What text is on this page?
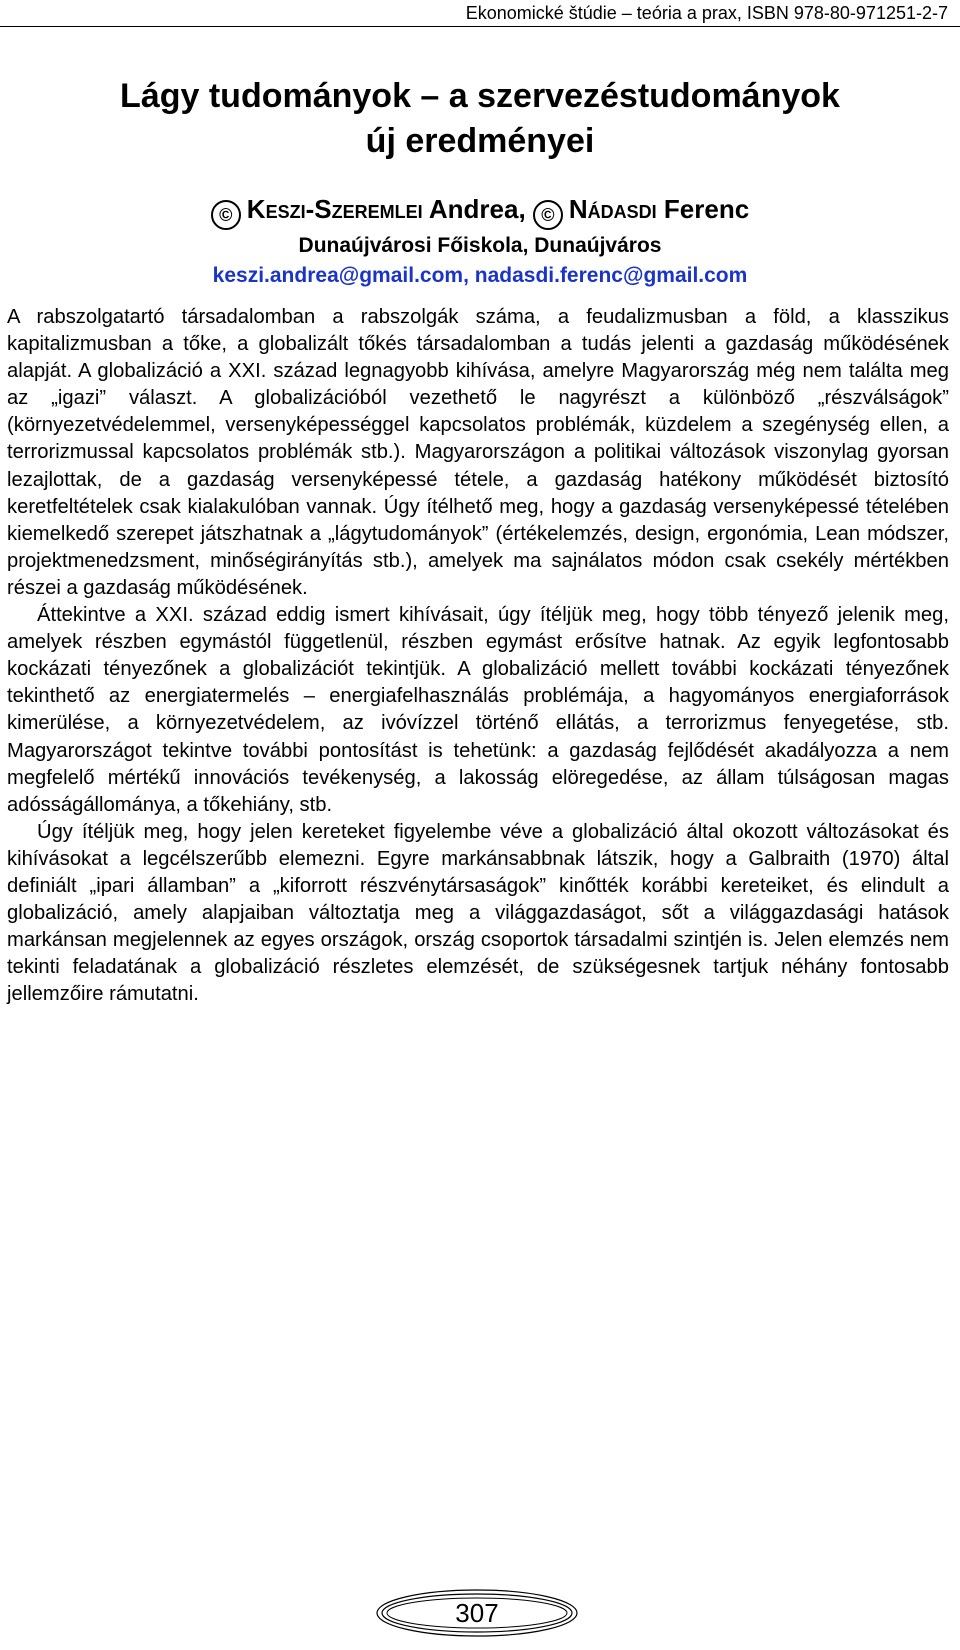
Ekonomické štúdie – teória a prax, ISBN 978-80-971251-2-7
Lágy tudományok – a szervezéstudományok
új eredményei
© Keszi-Szeremlei Andrea, © Nádasdi Ferenc
Dunaújvárosi Főiskola, Dunaújváros
keszi.andrea@gmail.com, nadasdi.ferenc@gmail.com

A rabszolgatartó társadalomban a rabszolgák száma, a feudalizmusban a föld, a klasszikus kapitalizmusban a tőke, a globalizált tőkés társadalomban a tudás jelenti a gazdaság működésének alapját. A globalizáció a XXI. század legnagyobb kihívása, amelyre Magyarország még nem találta meg az „igazi” választ. A globalizációból vezethető le nagyrészt a különböző „részválságok” (környezetvédelemmel, versenyképességgel kapcsolatos problémák, küzdelem a szegénység ellen, a terrorizmussal kapcsolatos problémák stb.). Magyarországon a politikai változások viszonylag gyorsan lezajlottak, de a gazdaság versenyképessé tétele, a gazdaság hatékony működését biztosító keretfeltételek csak kialakulóban vannak. Úgy ítélhető meg, hogy a gazdaság versenyképessé tételében kiemelkedő szerepet játszhatnak a „lágytudományok” (értékelemzés, design, ergonómia, Lean módszer, projektmenedzsment, minőségirányítás stb.), amelyek ma sajnálatos módon csak csekély mértékben részei a gazdaság működésének.

Áttekintve a XXI. század eddig ismert kihívásait, úgy ítéljük meg, hogy több tényező jelenik meg, amelyek részben egymástól függetlenül, részben egymást erősítve hatnak. Az egyik legfontosabb kockázati tényezőnek a globalizációt tekintjük. A globalizáció mellett további kockázati tényezőnek tekinthető az energiatermelés – energiafelhasználás problémája, a hagyományos energiaforrások kimerülése, a környezetvédelem, az ivóvízzel történő ellátás, a terrorizmus fenyegetése, stb. Magyarországot tekintve további pontosítást is tehetünk: a gazdaság fejlődését akadályozza a nem megfelelő mértékű innovációs tevékenység, a lakosság elöregedése, az állam túlságosan magas adósságállománya, a tőkehiány, stb.

Úgy ítéljük meg, hogy jelen kereteket figyelembe véve a globalizáció által okozott változásokat és kihívásokat a legcélszerűbb elemezni. Egyre markánsabbnak látszik, hogy a Galbraith (1970) által definiált „ipari államban” a „kiforrott részvénytársaságok” kinőtték korábbi kereteiket, és elindult a globalizáció, amely alapjaiban változtatja meg a világgazdaságot, sőt a világgazdasági hatások markánsan megjelennek az egyes országok, ország csoportok társadalmi szintjén is. Jelen elemzés nem tekinti feladatának a globalizáció részletes elemzését, de szükségesnek tartjuk néhány fontosabb jellemzőire rámutatni.

307
